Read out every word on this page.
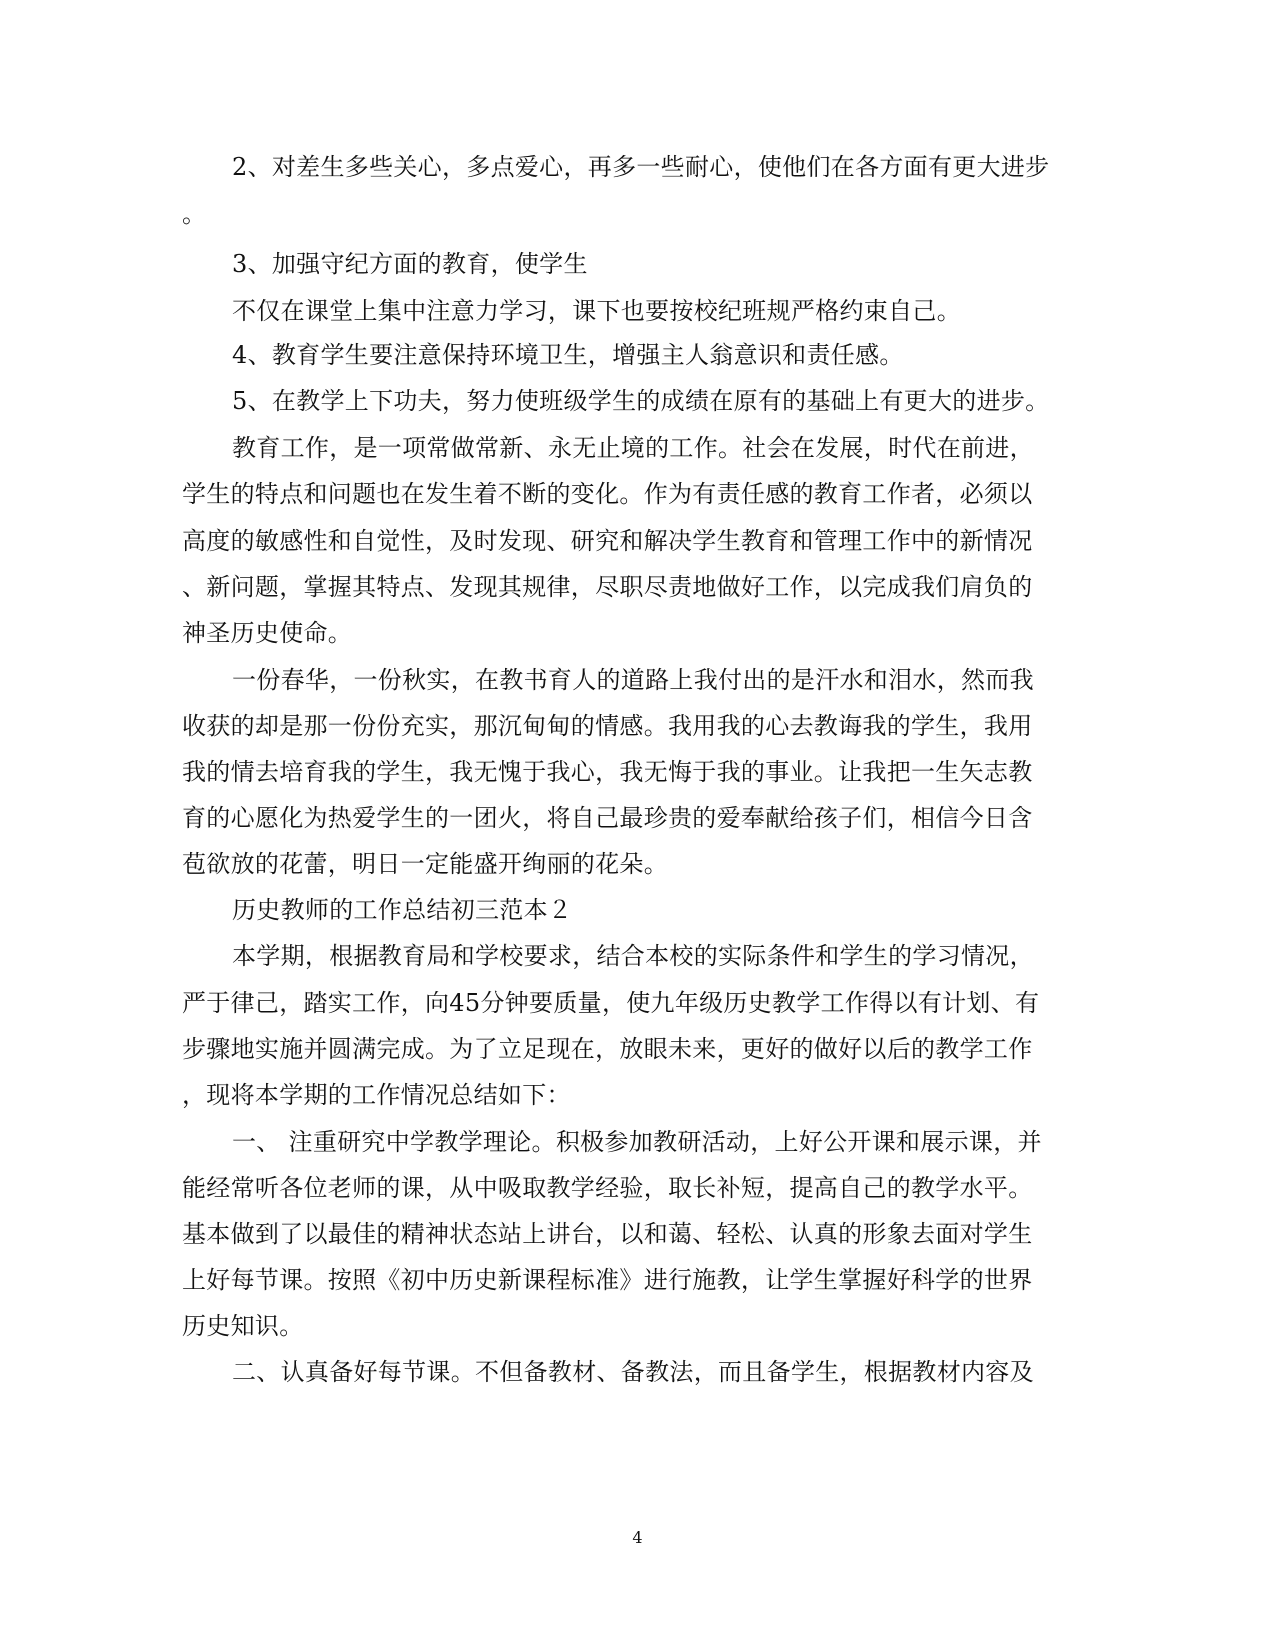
2、对差生多些关心，多点爱心，再多一些耐心，使他们在各方面有更大进步
。
3、加强守纪方面的教育，使学生
不仅在课堂上集中注意力学习，课下也要按校纪班规严格约束自己。
4、教育学生要注意保持环境卫生，增强主人翁意识和责任感。
5、在教学上下功夫，努力使班级学生的成绩在原有的基础上有更大的进步。
教育工作，是一项常做常新、永无止境的工作。社会在发展，时代在前进，
学生的特点和问题也在发生着不断的变化。作为有责任感的教育工作者，必须以
高度的敏感性和自觉性，及时发现、研究和解决学生教育和管理工作中的新情况
、新问题，掌握其特点、发现其规律，尽职尽责地做好工作，以完成我们肩负的
神圣历史使命。
一份春华，一份秋实，在教书育人的道路上我付出的是汗水和泪水，然而我
收获的却是那一份份充实，那沉甸甸的情感。我用我的心去教诲我的学生，我用
我的情去培育我的学生，我无愧于我心，我无悔于我的事业。让我把一生矢志教
育的心愿化为热爱学生的一团火，将自己最珍贵的爱奉献给孩子们，相信今日含
苞欲放的花蕾，明日一定能盛开绚丽的花朵。
历史教师的工作总结初三范本２
本学期，根据教育局和学校要求，结合本校的实际条件和学生的学习情况，
严于律己，踏实工作，向45分钟要质量，使九年级历史教学工作得以有计划、有
步骤地实施并圆满完成。为了立足现在，放眼未来，更好的做好以后的教学工作
，现将本学期的工作情况总结如下：
一、 注重研究中学教学理论。积极参加教研活动，上好公开课和展示课，并
能经常听各位老师的课，从中吸取教学经验，取长补短，提高自己的教学水平。
基本做到了以最佳的精神状态站上讲台，以和蔼、轻松、认真的形象去面对学生
上好每节课。按照《初中历史新课程标准》进行施教，让学生掌握好科学的世界
历史知识。
二、认真备好每节课。不但备教材、备教法，而且备学生，根据教材内容及
4
